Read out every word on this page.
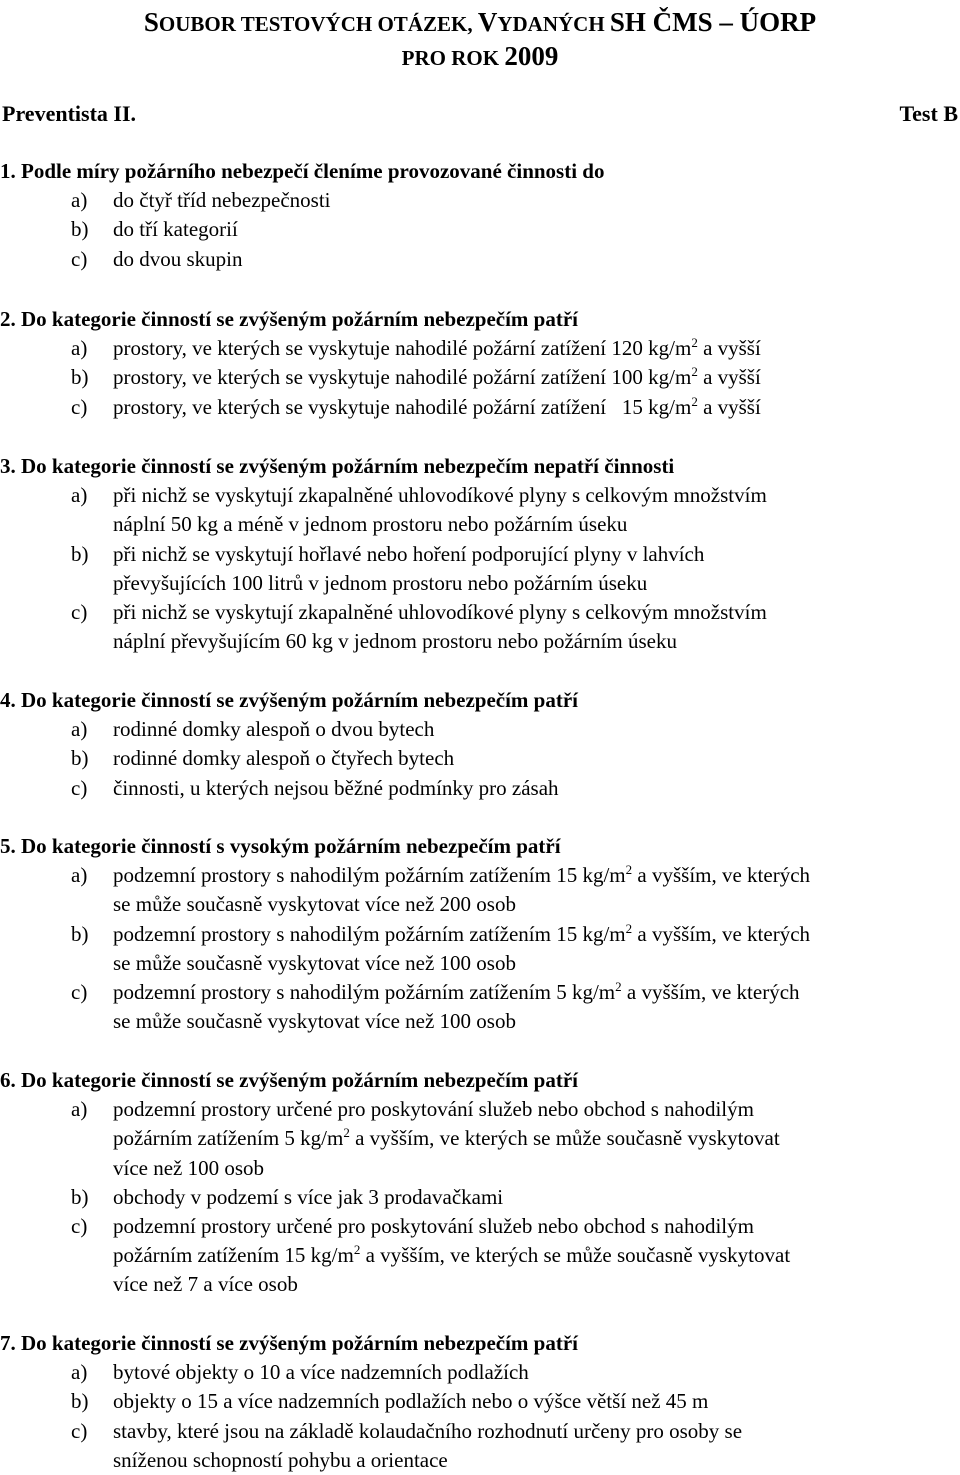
SOUBOR TESTOVÝCH OTÁZEK, VYDANÝCH SH ČMS – ÚORP
PRO ROK 2009
Preventista II.	Test B
1. Podle míry požárního nebezpečí členíme provozované činnosti do
a) do čtyř tříd nebezpečnosti
b) do tří kategorií
c) do dvou skupin
2. Do kategorie činností se zvýšeným požárním nebezpečím patří
a) prostory, ve kterých se vyskytuje nahodilé požární zatížení 120 $kg/m^2$ a vyšší
b) prostory, ve kterých se vyskytuje nahodilé požární zatížení 100 $kg/m^2$ a vyšší
c) prostory, ve kterých se vyskytuje nahodilé požární zatížení   15 $kg/m^2$ a vyšší
3. Do kategorie činností se zvýšeným požárním nebezpečím nepatří činnosti
a) při nichž se vyskytují zkapalněné uhlovodíkové plyny s celkovým množstvím
náplní 50 kg a méně v jednom prostoru nebo požárním úseku
b) při nichž se vyskytují hořlavé nebo hoření podporující plyny v lahvích
převyšujících 100 litrů v jednom prostoru nebo požárním úseku
c) při nichž se vyskytují zkapalněné uhlovodíkové plyny s celkovým množstvím
náplní převyšujícím 60 kg v jednom prostoru nebo požárním úseku
4. Do kategorie činností se zvýšeným požárním nebezpečím patří
a) rodinné domky alespoň o dvou bytech
b) rodinné domky alespoň o čtyřech bytech
c) činnosti, u kterých nejsou běžné podmínky pro zásah
5. Do kategorie činností s vysokým požárním nebezpečím patří
a) podzemní prostory s nahodilým požárním zatížením 15 $kg/m^2$ a vyšším, ve kterých
se může současně vyskytovat více než 200 osob
b) podzemní prostory s nahodilým požárním zatížením 15 $kg/m^2$ a vyšším, ve kterých
se může současně vyskytovat více než 100 osob
c) podzemní prostory s nahodilým požárním zatížením 5 $kg/m^2$ a vyšším, ve kterých
se může současně vyskytovat více než 100 osob
6. Do kategorie činností se zvýšeným požárním nebezpečím patří
a) podzemní prostory určené pro poskytování služeb nebo obchod s nahodilým
požárním zatížením 5 $kg/m^2$ a vyšším, ve kterých se může současně vyskytovat
více než 100 osob
b) obchody v podzemí s více jak 3 prodavačkami
c) podzemní prostory určené pro poskytování služeb nebo obchod s nahodilým
požárním zatížením 15 $kg/m^2$ a vyšším, ve kterých se může současně vyskytovat
více než 7 a více osob
7. Do kategorie činností se zvýšeným požárním nebezpečím patří
a) bytové objekty o 10 a více nadzemních podlažích
b) objekty o 15 a více nadzemních podlažích nebo o výšce větší než 45 m
c) stavby, které jsou na základě kolaudačního rozhodnutí určeny pro osoby se
sníženou schopností pohybu a orientace
